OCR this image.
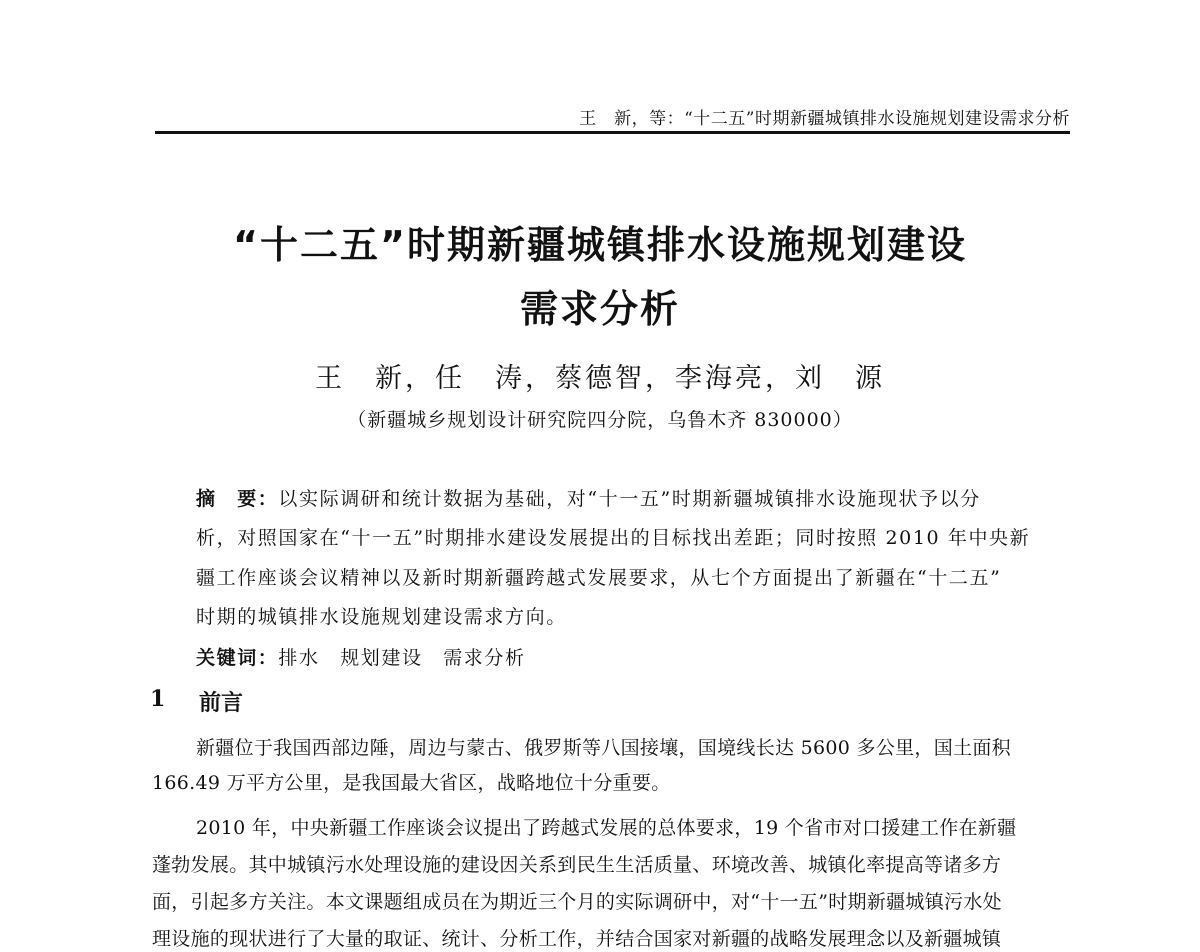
王　新，等：“十二五”时期新疆城镇排水设施规划建设需求分析
“十二五”时期新疆城镇排水设施规划建设
需求分析
王　新，任　涛，蔡德智，李海亮，刘　源
（新疆城乡规划设计研究院四分院，乌鲁木齐 830000）
摘　要：以实际调研和统计数据为基础，对“十一五”时期新疆城镇排水设施现状予以分
析，对照国家在“十一五”时期排水建设发展提出的目标找出差距；同时按照 2010 年中央新
疆工作座谈会议精神以及新时期新疆跨越式发展要求，从七个方面提出了新疆在“十二五”
时期的城镇排水设施规划建设需求方向。
关键词：排水　规划建设　需求分析
1 前言
新疆位于我国西部边陲，周边与蒙古、俄罗斯等八国接壤，国境线长达 5600 多公里，国土面积
166.49 万平方公里，是我国最大省区，战略地位十分重要。
2010 年，中央新疆工作座谈会议提出了跨越式发展的总体要求，19 个省市对口援建工作在新疆
蓬勃发展。其中城镇污水处理设施的建设因关系到民生生活质量、环境改善、城镇化率提高等诸多方
面，引起多方关注。本文课题组成员在为期近三个月的实际调研中，对“十一五”时期新疆城镇污水处
理设施的现状进行了大量的取证、统计、分析工作，并结合国家对新疆的战略发展理念以及新疆城镇
